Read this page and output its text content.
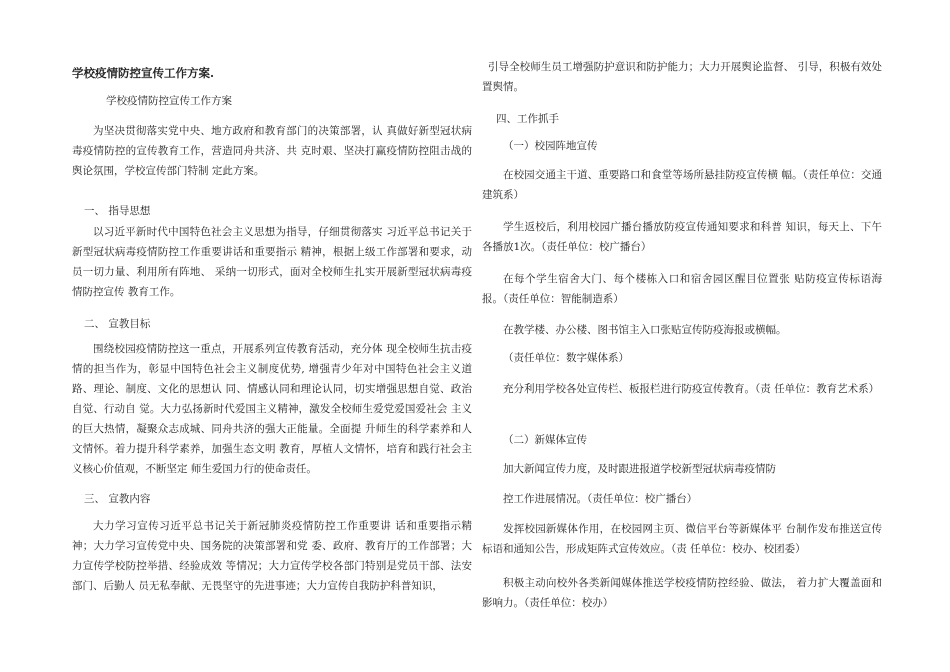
学校疫情防控宣传工作方案.

学校疫情防控宣传工作方案

为坚决贯彻落实党中央、地方政府和教育部门的决策部署，认 真做好新型冠状病毒疫情防控的宣传教育工作，营造同舟共济、共 克时艰、坚决打赢疫情防控阻击战的舆论氛围，学校宣传部门特制 定此方案。

一、 指导思想

以习近平新时代中国特色社会主义思想为指导，仔细贯彻落实 习近平总书记关于新型冠状病毒疫情防控工作重要讲话和重要指示 精神，根据上级工作部署和要求，动员一切力量、利用所有阵地、 采纳一切形式，面对全校师生扎实开展新型冠状病毒疫情防控宣传 教育工作。

二、 宣教目标

围绕校园疫情防控这一重点，开展系列宣传教育活动，充分体 现全校师生抗击疫情的担当作为，彰显中国特色社会主义制度优势, 增强青少年对中国特色社会主义道路、理论、制度、文化的思想认 同、情感认同和理论认同，切实增强思想自觉、政治自觉、行动自 觉。大力弘扬新时代爱国主义精神，激发全校师生爱党爱国爱社会 主义的巨大热情，凝聚众志成城、同舟共济的强大正能量。全面提 升师生的科学素养和人文情怀。着力提升科学素养，加强生态文明 教育，厚植人文情怀，培育和践行社会主义核心价值观，不断坚定 师生爱国力行的使命责任。

三、 宣教内容

大力学习宣传习近平总书记关于新冠肺炎疫情防控工作重要讲 话和重要指示精神；大力学习宣传党中央、国务院的决策部署和党 委、政府、教育厅的工作部署；大力宣传学校防控举措、经验成效 等情况；大力宣传学校各部门特别是党员干部、法安部门、后勤人 员无私奉献、无畏坚守的先进事迹；大力宣传自我防护科普知识，

引导全校师生员工增强防护意识和防护能力；大力开展舆论监督、 引导，积极有效处置舆情。

四、工作抓手

（一）校园阵地宣传

在校园交通主干道、重要路口和食堂等场所悬挂防疫宣传横 幅。（责任单位：交通建筑系）

学生返校后，利用校园广播台播放防疫宣传通知要求和科普 知识，每天上、下午各播放1次。（责任单位：校广播台）

在每个学生宿舍大门、每个楼栋入口和宿舍园区醒目位置张 贴防疫宣传标语海报。（责任单位：智能制造系）

在教学楼、办公楼、图书馆主入口张贴宣传防疫海报或横幅。

（责任单位：数字媒体系）

充分利用学校各处宣传栏、板报栏进行防疫宣传教育。（责 任单位：教育艺术系）

（二）新媒体宣传

加大新闻宣传力度，及时跟进报道学校新型冠状病毒疫情防

控工作进展情况。（责任单位：校广播台）

发挥校园新媒体作用，在校园网主页、微信平台等新媒体平 台制作发布推送宣传标语和通知公告，形成矩阵式宣传效应。（责 任单位：校办、校团委）

积极主动向校外各类新闻媒体推送学校疫情防控经验、做法， 着力扩大覆盖面和影响力。（责任单位：校办）
